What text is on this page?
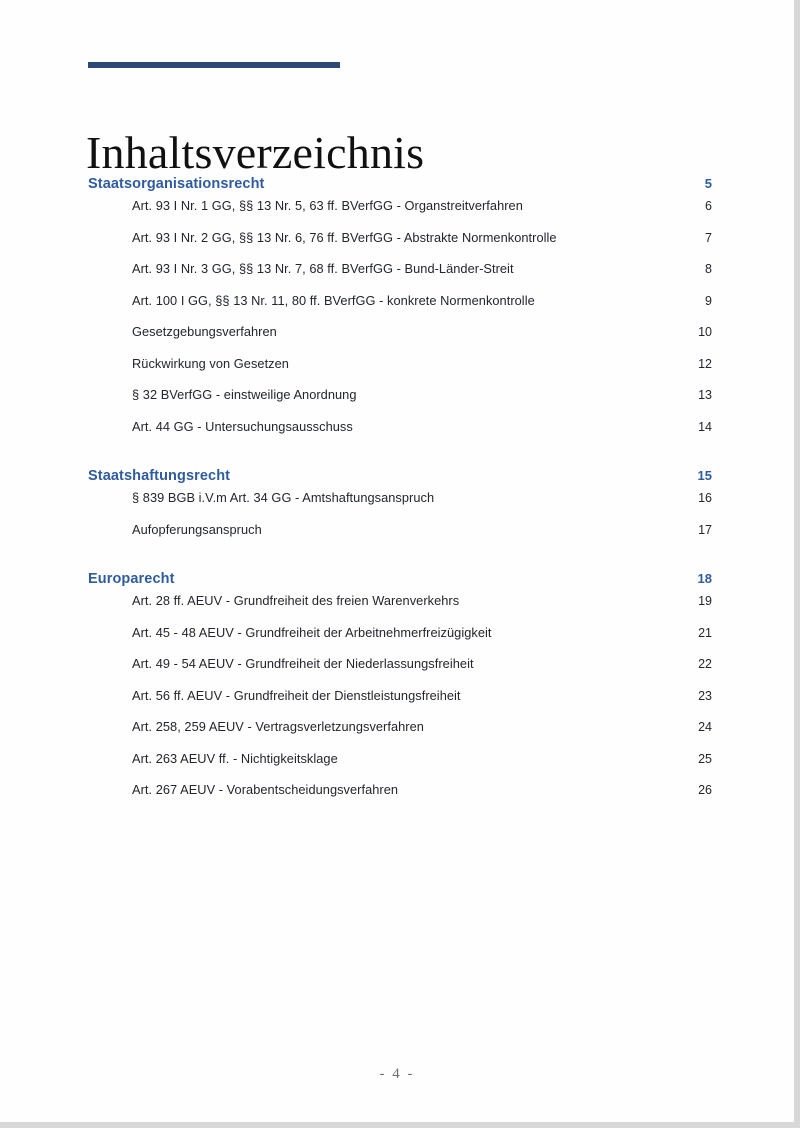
Inhaltsverzeichnis
Staatsorganisationsrecht	5
Art. 93 I Nr. 1 GG, §§ 13 Nr. 5, 63 ff. BVerfGG - Organstreitverfahren	6
Art. 93 I Nr. 2 GG, §§ 13 Nr. 6, 76 ff. BVerfGG - Abstrakte Normenkontrolle	7
Art. 93 I Nr. 3 GG, §§ 13 Nr. 7, 68 ff. BVerfGG - Bund-Länder-Streit	8
Art. 100 I GG, §§ 13 Nr. 11, 80 ff. BVerfGG - konkrete Normenkontrolle	9
Gesetzgebungsverfahren	10
Rückwirkung von Gesetzen	12
§ 32 BVerfGG - einstweilige Anordnung	13
Art. 44 GG - Untersuchungsausschuss	14
Staatshaftungsrecht	15
§ 839 BGB i.V.m Art. 34 GG - Amtshaftungsanspruch	16
Aufopferungsanspruch	17
Europarecht	18
Art. 28 ff. AEUV - Grundfreiheit des freien Warenverkehrs	19
Art. 45 - 48 AEUV - Grundfreiheit der Arbeitnehmerfreizügigkeit	21
Art. 49 - 54 AEUV - Grundfreiheit der Niederlassungsfreiheit	22
Art. 56 ff. AEUV - Grundfreiheit der Dienstleistungsfreiheit	23
Art. 258, 259 AEUV - Vertragsverletzungsverfahren	24
Art. 263 AEUV ff. - Nichtigkeitsklage	25
Art. 267 AEUV - Vorabentscheidungsverfahren	26
- 4 -
